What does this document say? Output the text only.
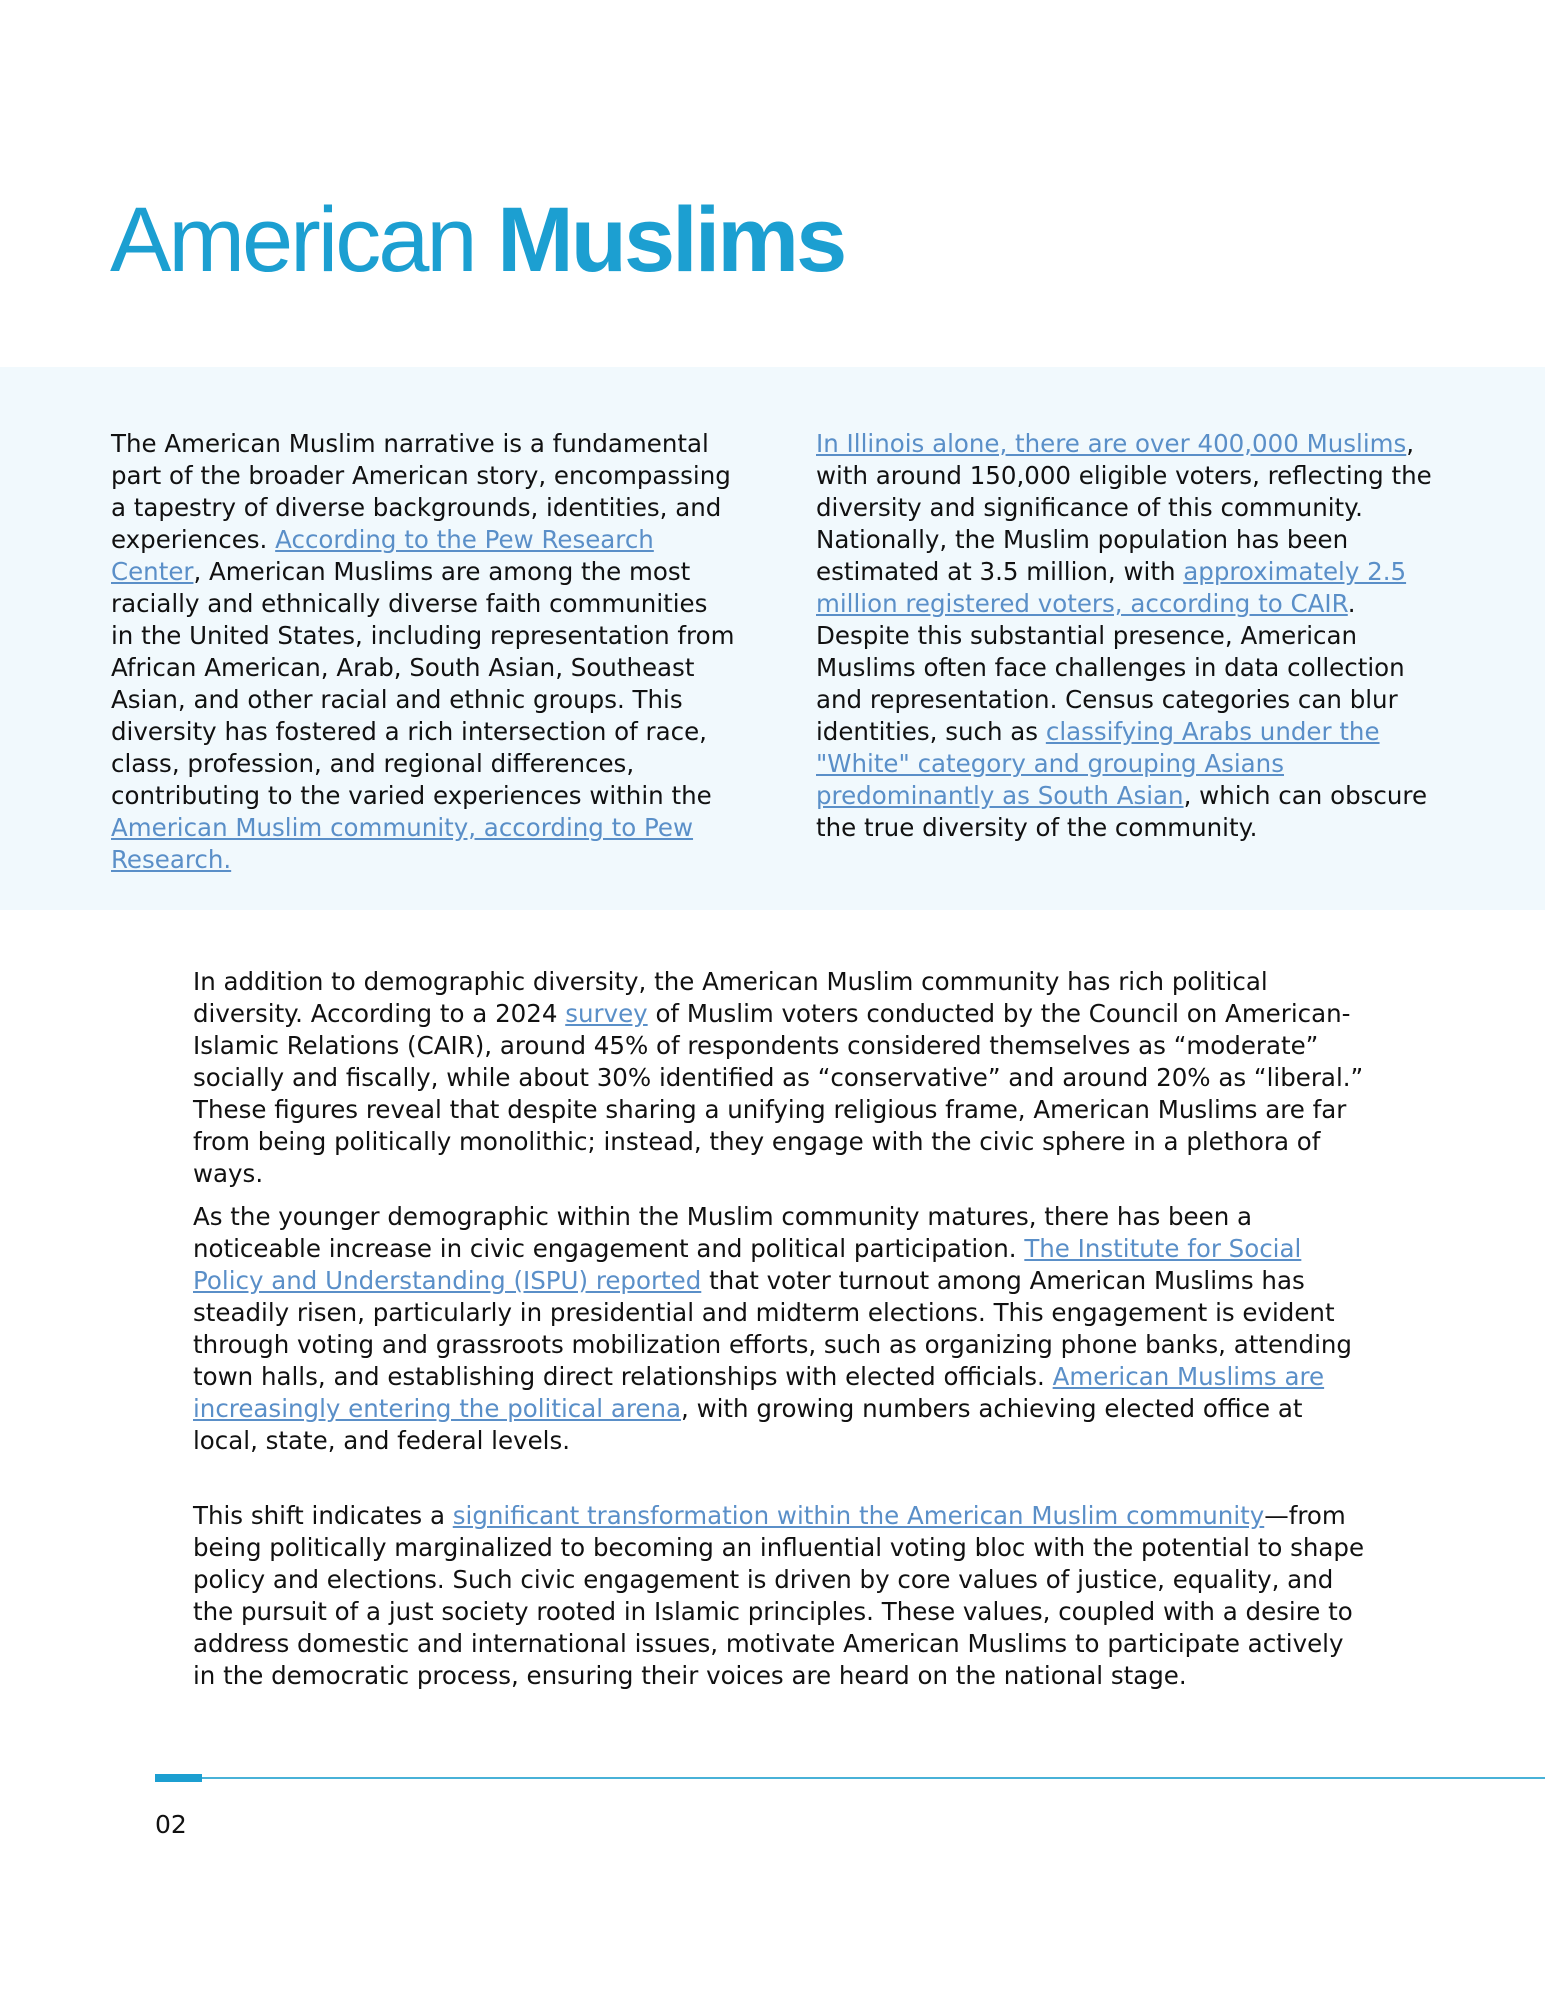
American Muslims

The American Muslim narrative is a fundamental part of the broader American story, encompassing a tapestry of diverse backgrounds, identities, and experiences. According to the Pew Research Center, American Muslims are among the most racially and ethnically diverse faith communities in the United States, including representation from African American, Arab, South Asian, Southeast Asian, and other racial and ethnic groups. This diversity has fostered a rich intersection of race, class, profession, and regional differences, contributing to the varied experiences within the American Muslim community, according to Pew Research.

In Illinois alone, there are over 400,000 Muslims, with around 150,000 eligible voters, reflecting the diversity and significance of this community. Nationally, the Muslim population has been estimated at 3.5 million, with approximately 2.5 million registered voters, according to CAIR. Despite this substantial presence, American Muslims often face challenges in data collection and representation. Census categories can blur identities, such as classifying Arabs under the "White" category and grouping Asians predominantly as South Asian, which can obscure the true diversity of the community.

In addition to demographic diversity, the American Muslim community has rich political diversity. According to a 2024 survey of Muslim voters conducted by the Council on American-Islamic Relations (CAIR), around 45% of respondents considered themselves as “moderate” socially and fiscally, while about 30% identified as “conservative” and around 20% as “liberal.” These figures reveal that despite sharing a unifying religious frame, American Muslims are far from being politically monolithic; instead, they engage with the civic sphere in a plethora of ways.

As the younger demographic within the Muslim community matures, there has been a noticeable increase in civic engagement and political participation. The Institute for Social Policy and Understanding (ISPU) reported that voter turnout among American Muslims has steadily risen, particularly in presidential and midterm elections. This engagement is evident through voting and grassroots mobilization efforts, such as organizing phone banks, attending town halls, and establishing direct relationships with elected officials. American Muslims are increasingly entering the political arena, with growing numbers achieving elected office at local, state, and federal levels.

This shift indicates a significant transformation within the American Muslim community—from being politically marginalized to becoming an influential voting bloc with the potential to shape policy and elections. Such civic engagement is driven by core values of justice, equality, and the pursuit of a just society rooted in Islamic principles. These values, coupled with a desire to address domestic and international issues, motivate American Muslims to participate actively in the democratic process, ensuring their voices are heard on the national stage.

02
